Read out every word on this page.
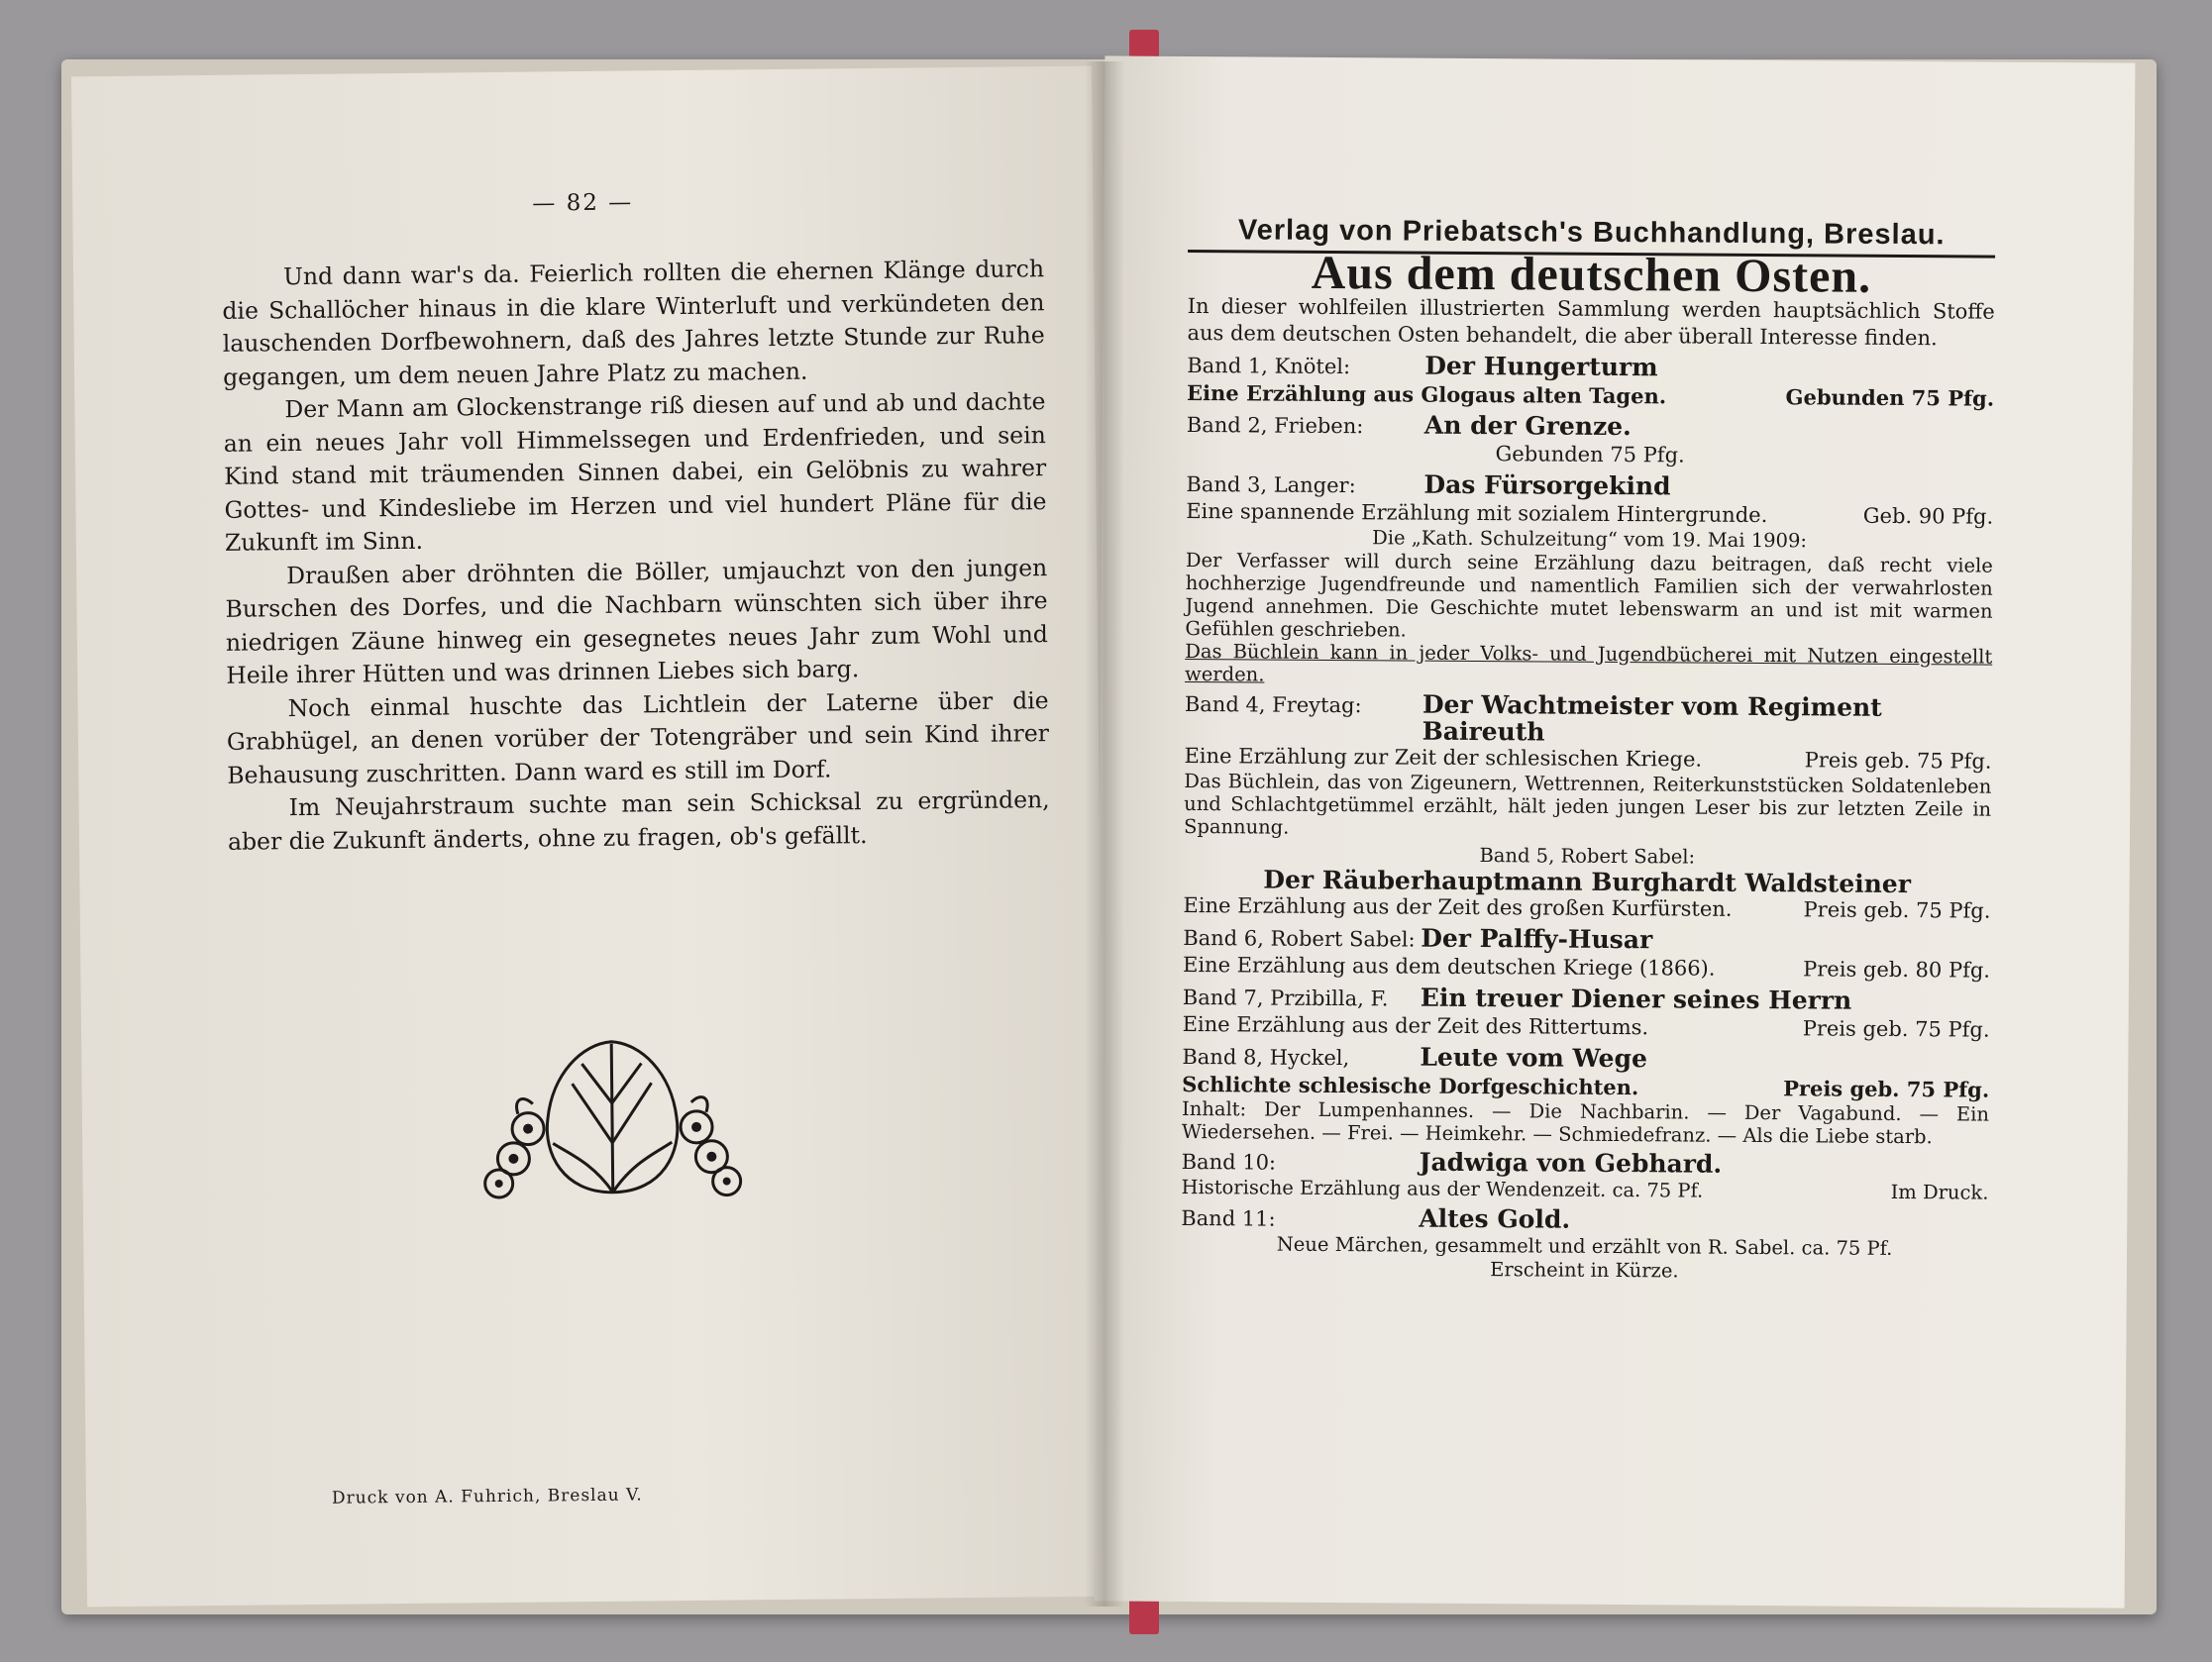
— 82 —

Und dann war's da. Feierlich rollten die ehernen Klänge durch die Schallöcher hinaus in die klare Winterluft und verkündeten den lauschenden Dorfbewohnern, daß des Jahres letzte Stunde zur Ruhe gegangen, um dem neuen Jahre Platz zu machen.

Der Mann am Glockenstrange riß diesen auf und ab und dachte an ein neues Jahr voll Himmelssegen und Erdenfrieden, und sein Kind stand mit träumenden Sinnen dabei, ein Gelöbnis zu wahrer Gottes- und Kindesliebe im Herzen und viel hundert Pläne für die Zukunft im Sinn.

Draußen aber dröhnten die Böller, umjauchzt von den jungen Burschen des Dorfes, und die Nachbarn wünschten sich über ihre niedrigen Zäune hinweg ein gesegnetes neues Jahr zum Wohl und Heile ihrer Hütten und was drinnen Liebes sich barg.

Noch einmal huschte das Lichtlein der Laterne über die Grabhügel, an denen vorüber der Totengräber und sein Kind ihrer Behausung zuschritten. Dann ward es still im Dorf.

Im Neujahrstraum suchte man sein Schicksal zu ergründen, aber die Zukunft änderts, ohne zu fragen, ob's gefällt.

Druck von A. Fuhrich, Breslau V.
Verlag von Priebatsch's Buchhandlung, Breslau.
Aus dem deutschen Osten.
In dieser wohlfeilen illustrierten Sammlung werden hauptsächlich Stoffe aus dem deutschen Osten behandelt, die aber überall Interesse finden.
Band 1, Knötel:	Der Hungerturm
Eine Erzählung aus Glogaus alten Tagen.	Gebunden 75 Pfg.
Band 2, Frieben:	An der Grenze.
Gebunden 75 Pfg.
Band 3, Langer:	Das Fürsorgekind
Eine spannende Erzählung mit sozialem Hintergrunde.	Geb. 90 Pfg.
Die „Kath. Schulzeitung“ vom 19. Mai 1909:
Der Verfasser will durch seine Erzählung dazu beitragen, daß recht viele hochherzige Jugendfreunde und namentlich Familien sich der verwahrlosten Jugend annehmen. Die Geschichte mutet lebenswarm an und ist mit warmen Gefühlen geschrieben.
Das Büchlein kann in jeder Volks- und Jugendbücherei mit Nutzen eingestellt werden.
Band 4, Freytag:	Der Wachtmeister vom Regiment Baireuth
Eine Erzählung zur Zeit der schlesischen Kriege.	Preis geb. 75 Pfg.
Das Büchlein, das von Zigeunern, Wettrennen, Reiterkunststücken Soldatenleben und Schlachtgetümmel erzählt, hält jeden jungen Leser bis zur letzten Zeile in Spannung.
Band 5, Robert Sabel:
Der Räuberhauptmann Burghardt Waldsteiner
Eine Erzählung aus der Zeit des großen Kurfürsten.	Preis geb. 75 Pfg.
Band 6, Robert Sabel: Der Palffy-Husar
Eine Erzählung aus dem deutschen Kriege (1866).	Preis geb. 80 Pfg.
Band 7, Przibilla, F.	Ein treuer Diener seines Herrn
Eine Erzählung aus der Zeit des Rittertums.	Preis geb. 75 Pfg.
Band 8, Hyckel,	Leute vom Wege
Schlichte schlesische Dorfgeschichten.	Preis geb. 75 Pfg.
Inhalt: Der Lumpenhannes. — Die Nachbarin. — Der Vagabund. — Ein Wiedersehen. — Frei. — Heimkehr. — Schmiedefranz. — Als die Liebe starb.
Band 10:	Jadwiga von Gebhard.
Historische Erzählung aus der Wendenzeit. ca. 75 Pf.	Im Druck.
Band 11:	Altes Gold.
Neue Märchen, gesammelt und erzählt von R. Sabel. ca. 75 Pf.
Erscheint in Kürze.
